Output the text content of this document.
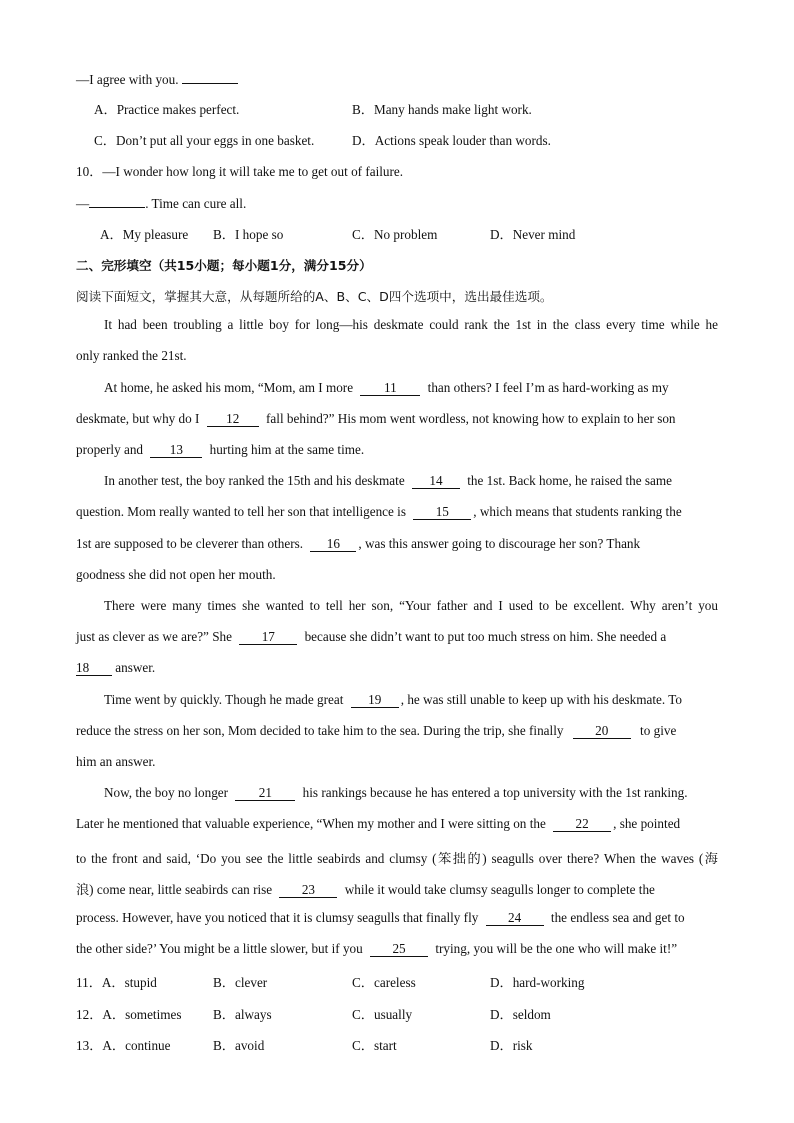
—I agree with you.
A．Practice makes perfect.	B．Many hands make light work.
C．Don’t put all your eggs in one basket.	D．Actions speak louder than words.
10．—I wonder how long it will take me to get out of failure.
—	. Time can cure all.
A．My pleasure B．I hope so	C．No problem	D．Never mind
二、完形填空（共15小题；每小题1分，满分15分）
阅读下面短文，掌握其大意，从每题所给的A、B、C、D四个选项中，选出最佳选项。
It had been troubling a little boy for long—his deskmate could rank the 1st in the class every time while he
only ranked the 21st.
At home, he asked his mom, “Mom, am I more 11 than others? I feel I’m as hard-working as my
deskmate, but why do I 12 fall behind?” His mom went wordless, not knowing how to explain to her son
properly and 13 hurting him at the same time.
In another test, the boy ranked the 15th and his deskmate 14 the 1st. Back home, he raised the same
question. Mom really wanted to tell her son that intelligence is 15 , which means that students ranking the
1st are supposed to be cleverer than others. 16 , was this answer going to discourage her son? Thank
goodness she did not open her mouth.
There were many times she wanted to tell her son, “Your father and I used to be excellent. Why aren’t you
just as clever as we are?” She 17 because she didn’t want to put too much stress on him. She needed a
18 answer.
Time went by quickly. Though he made great 19 , he was still unable to keep up with his deskmate. To
reduce the stress on her son, Mom decided to take him to the sea. During the trip, she finally 20 to give
him an answer.
Now, the boy no longer 21 his rankings because he has entered a top university with the 1st ranking.
Later he mentioned that valuable experience, “When my mother and I were sitting on the 22 , she pointed
to the front and said, ‘Do you see the little seabirds and clumsy (笨拙的) seagulls over there? When the waves (海
浪) come near, little seabirds can rise 23 while it would take clumsy seagulls longer to complete the
process. However, have you noticed that it is clumsy seagulls that finally fly 24 the endless sea and get to
the other side?’ You might be a little slower, but if you 25 trying, you will be the one who will make it!”
11．A．stupid	B．clever	C．careless	D．hard-working
12．A．sometimes B．always	C．usually	D．seldom
13．A．continue	B．avoid	C．start	D．risk
